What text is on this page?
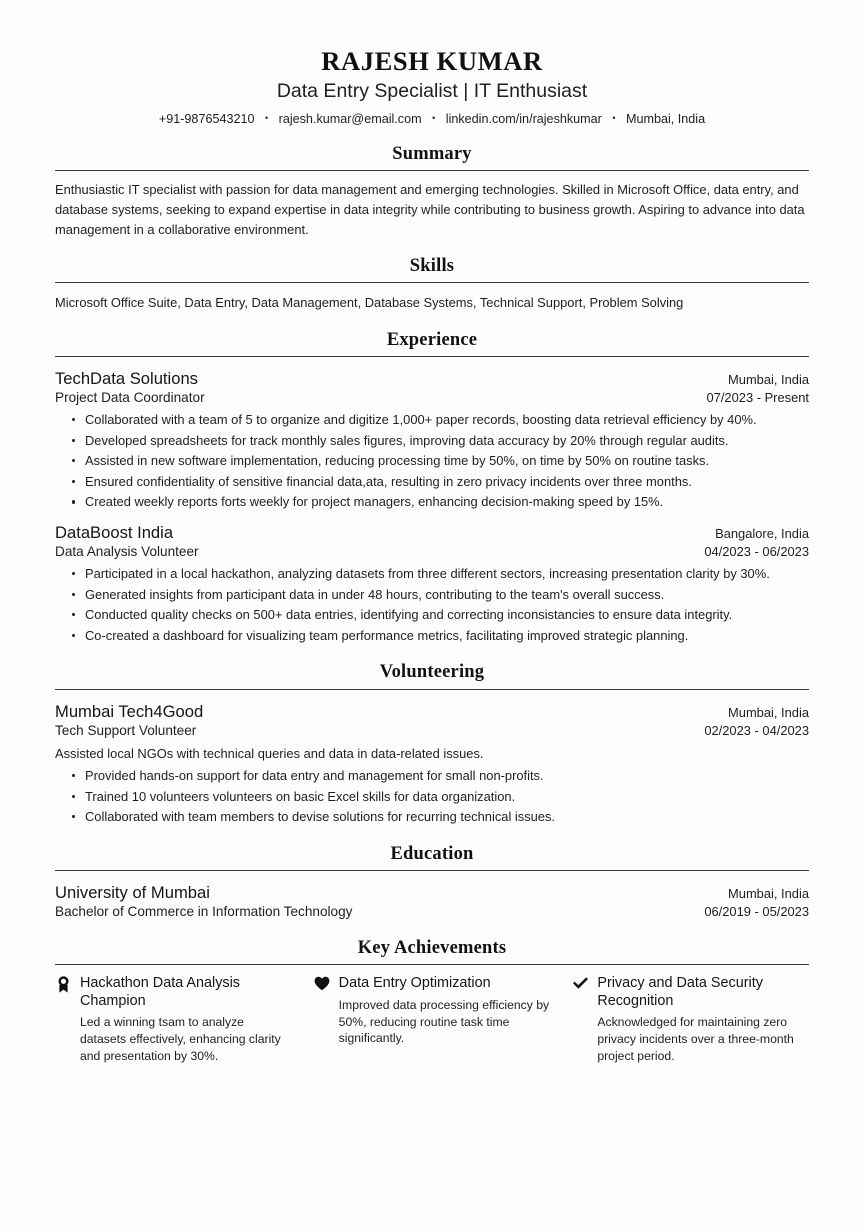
RAJESH KUMAR
Data Entry Specialist | IT Enthusiast
+91-9876543210 • rajesh.kumar@email.com • linkedin.com/in/rajeshkumar • Mumbai, India
Summary
Enthusiastic IT specialist with passion for data management and emerging technologies. Skilled in Microsoft Office, data entry, and database systems, seeking to expand expertise in data integrity while contributing to business growth. Aspiring to advance into data management in a collaborative environment.
Skills
Microsoft Office Suite, Data Entry, Data Management, Database Systems, Technical Support, Problem Solving
Experience
TechData Solutions	Mumbai, India
Project Data Coordinator	07/2023 - Present
Collaborated with a team of 5 to organize and digitize 1,000+ paper records, boosting data retrieval efficiency by 40%.
Developed spreadsheets for track monthly sales figures, improving data accuracy by 20% through regular audits.
Assisted in new software implementation, reducing processing time by 50%, on time by 50% on routine tasks.
Ensured confidentiality of sensitive financial data,ata, resulting in zero privacy incidents over three months.
Created weekly reports forts weekly for project managers, enhancing decision-making speed by 15%.
DataBoost India	Bangalore, India
Data Analysis Volunteer	04/2023 - 06/2023
Participated in a local hackathon, analyzing datasets from three different sectors, increasing presentation clarity by 30%.
Generated insights from participant data in under 48 hours, contributing to the team's overall success.
Conducted quality checks on 500+ data entries, identifying and correcting inconsistancies to ensure data integrity.
Co-created a dashboard for visualizing team performance metrics, facilitating improved strategic planning.
Volunteering
Mumbai Tech4Good	Mumbai, India
Tech Support Volunteer	02/2023 - 04/2023
Assisted local NGOs with technical queries and data in data-related issues.
Provided hands-on support for data entry and management for small non-profits.
Trained 10 volunteers volunteers on basic Excel skills for data organization.
Collaborated with team members to devise solutions for recurring technical issues.
Education
University of Mumbai	Mumbai, India
Bachelor of Commerce in Information Technology	06/2019 - 05/2023
Key Achievements
Hackathon Data Analysis Champion
Led a winning tsam to analyze datasets effectively, enhancing clarity and presentation by 30%.
Data Entry Optimization
Improved data processing efficiency by 50%, reducing routine task time significantly.
Privacy and Data Security Recognition
Acknowledged for maintaining zero privacy incidents over a three-month project period.
